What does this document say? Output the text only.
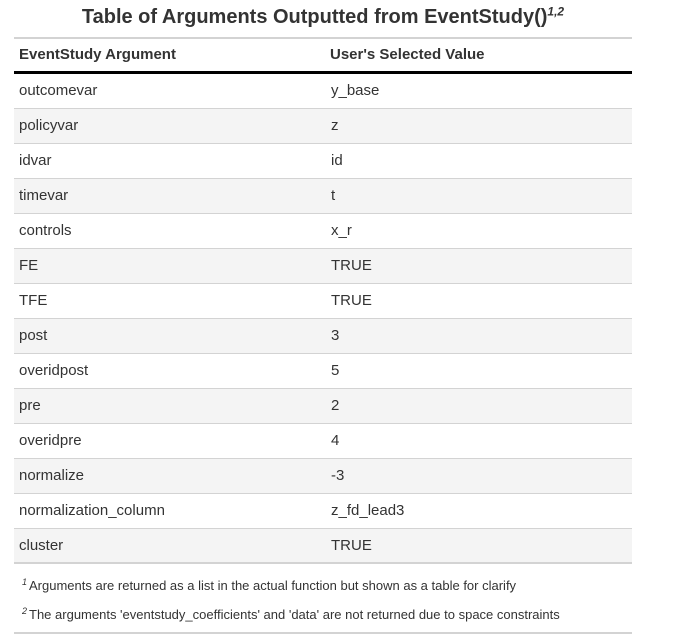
Table of Arguments Outputted from EventStudy()$^{1,2}$
EventStudy Argument	User's Selected Value
outcomevar	y_base
policyvar	z
idvar	id
timevar	t
controls	x_r
FE	TRUE
TFE	TRUE
post	3
overidpost	5
pre	2
overidpre	4
normalize	-3
normalization_column	z_fd_lead3
cluster	TRUE
$^1$ Arguments are returned as a list in the actual function but shown as a table for clarify
$^2$ The arguments 'eventstudy_coefficients' and 'data' are not returned due to space constraints
